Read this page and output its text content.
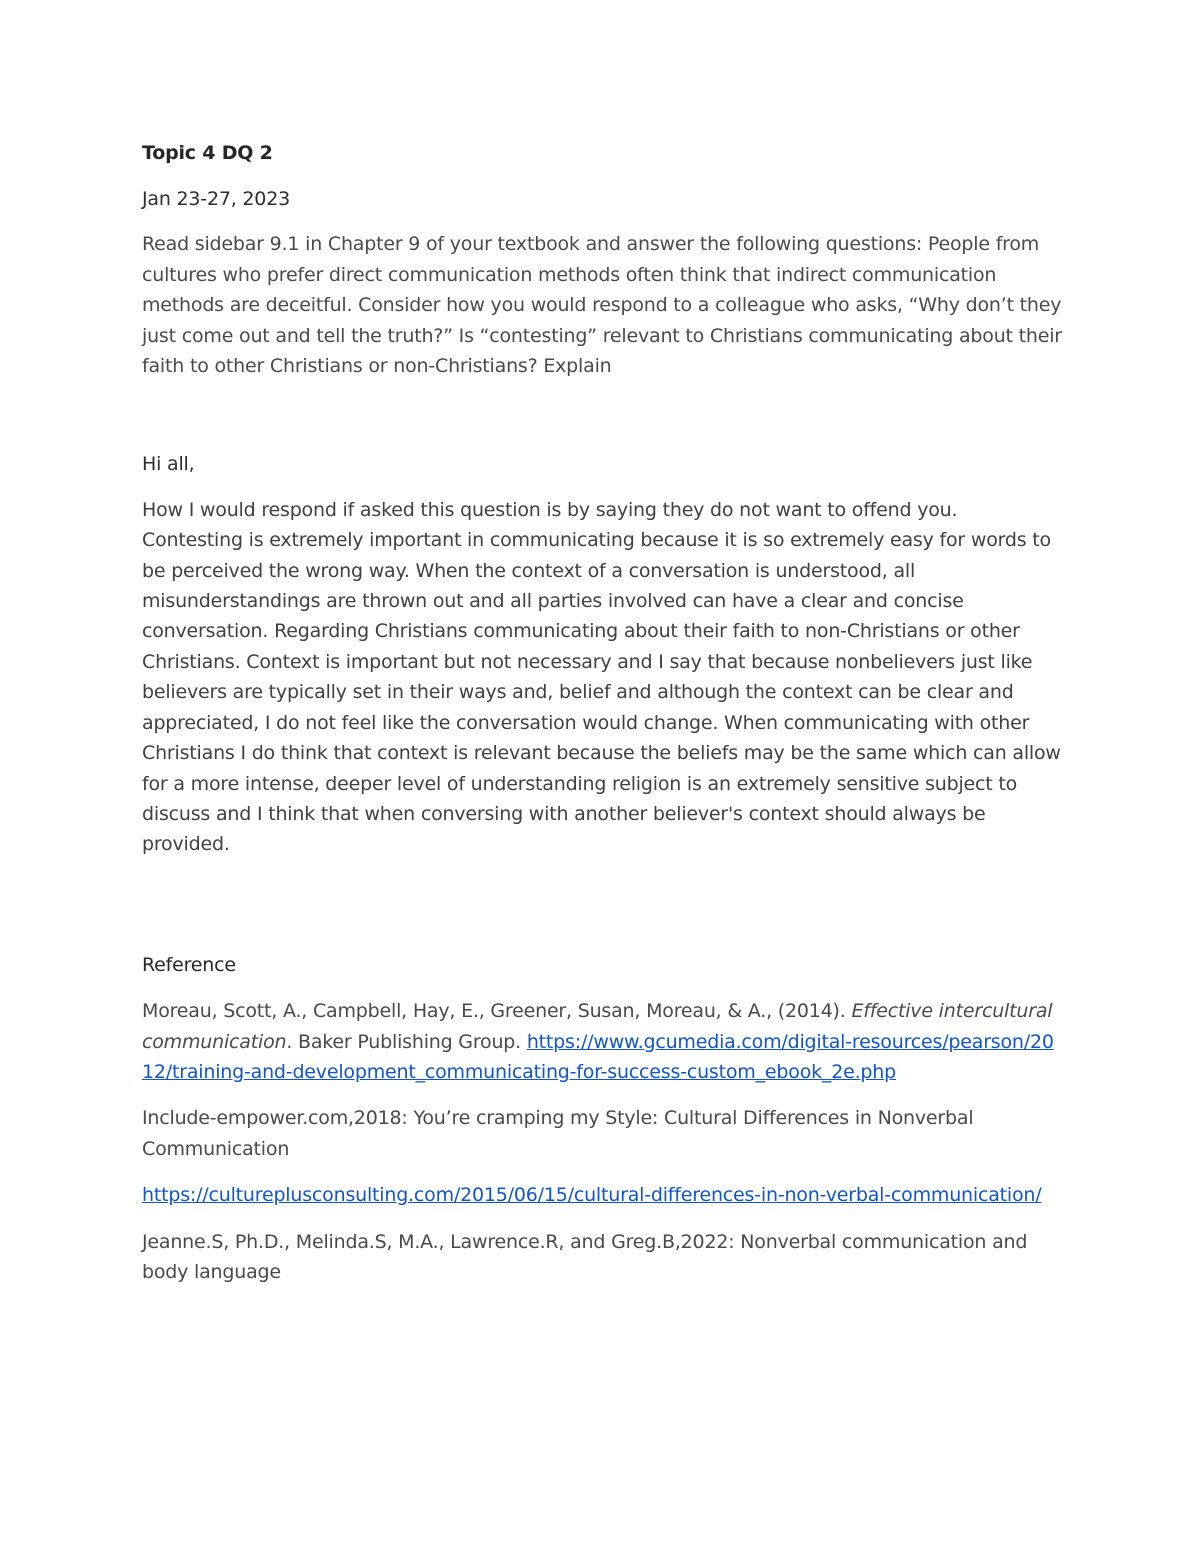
Topic 4 DQ 2

Jan 23-27, 2023

Read sidebar 9.1 in Chapter 9 of your textbook and answer the following questions: People from cultures who prefer direct communication methods often think that indirect communication methods are deceitful. Consider how you would respond to a colleague who asks, “Why don’t they just come out and tell the truth?” Is “contesting” relevant to Christians communicating about their faith to other Christians or non-Christians? Explain

Hi all,

How I would respond if asked this question is by saying they do not want to offend you. Contesting is extremely important in communicating because it is so extremely easy for words to be perceived the wrong way. When the context of a conversation is understood, all misunderstandings are thrown out and all parties involved can have a clear and concise conversation. Regarding Christians communicating about their faith to non-Christians or other Christians. Context is important but not necessary and I say that because nonbelievers just like believers are typically set in their ways and, belief and although the context can be clear and appreciated, I do not feel like the conversation would change. When communicating with other Christians I do think that context is relevant because the beliefs may be the same which can allow for a more intense, deeper level of understanding religion is an extremely sensitive subject to discuss and I think that when conversing with another believer's context should always be provided.

Reference

Moreau, Scott, A., Campbell, Hay, E., Greener, Susan, Moreau, & A., (2014). Effective intercultural communication. Baker Publishing Group. https://www.gcumedia.com/digital-resources/pearson/2012/training-and-development_communicating-for-success-custom_ebook_2e.php

Include-empower.com,2018: You’re cramping my Style: Cultural Differences in Nonverbal Communication

https://cultureplusconsulting.com/2015/06/15/cultural-differences-in-non-verbal-communication/

Jeanne.S, Ph.D., Melinda.S, M.A., Lawrence.R, and Greg.B,2022: Nonverbal communication and body language
